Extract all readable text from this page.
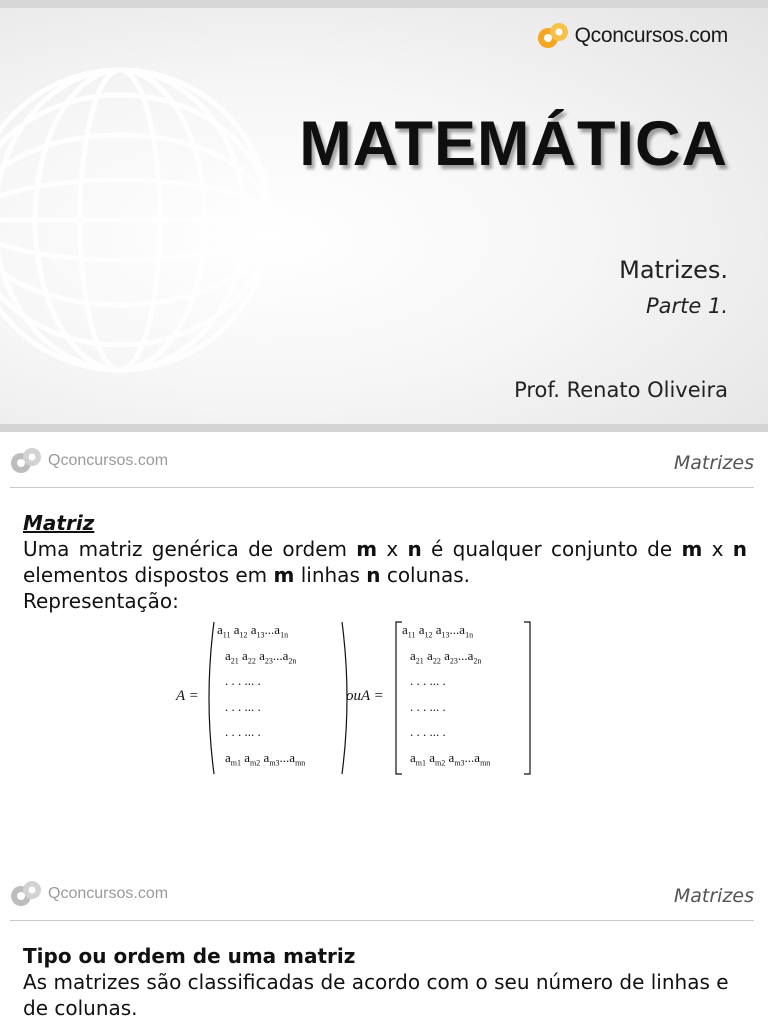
Qconcursos.com
MATEMÁTICA
Matrizes.
Parte 1.
Prof. Renato Oliveira
Qconcursos.com	Matrizes
Matriz
Uma matriz genérica de ordem m x n é qualquer conjunto de m x n elementos dispostos em m linhas n colunas.
Representação:
A =	ouA =
$a_{11}$ $a_{12}$ $a_{13}...a_{1n}$
$a_{21}$ $a_{22}$ $a_{23}...a_{2n}$
. . . ... .
. . . ... .
. . . ... .
$a_{m1}$ $a_{m2}$ $a_{m3}...a_{mn}$
$a_{11}$ $a_{12}$ $a_{13}...a_{1n}$
$a_{21}$ $a_{22}$ $a_{23}...a_{2n}$
. . . ... .
. . . ... .
. . . ... .
$a_{m1}$ $a_{m2}$ $a_{m3}...a_{mn}$
Qconcursos.com	Matrizes
Tipo ou ordem de uma matriz
As matrizes são classificadas de acordo com o seu número de linhas e de colunas.
